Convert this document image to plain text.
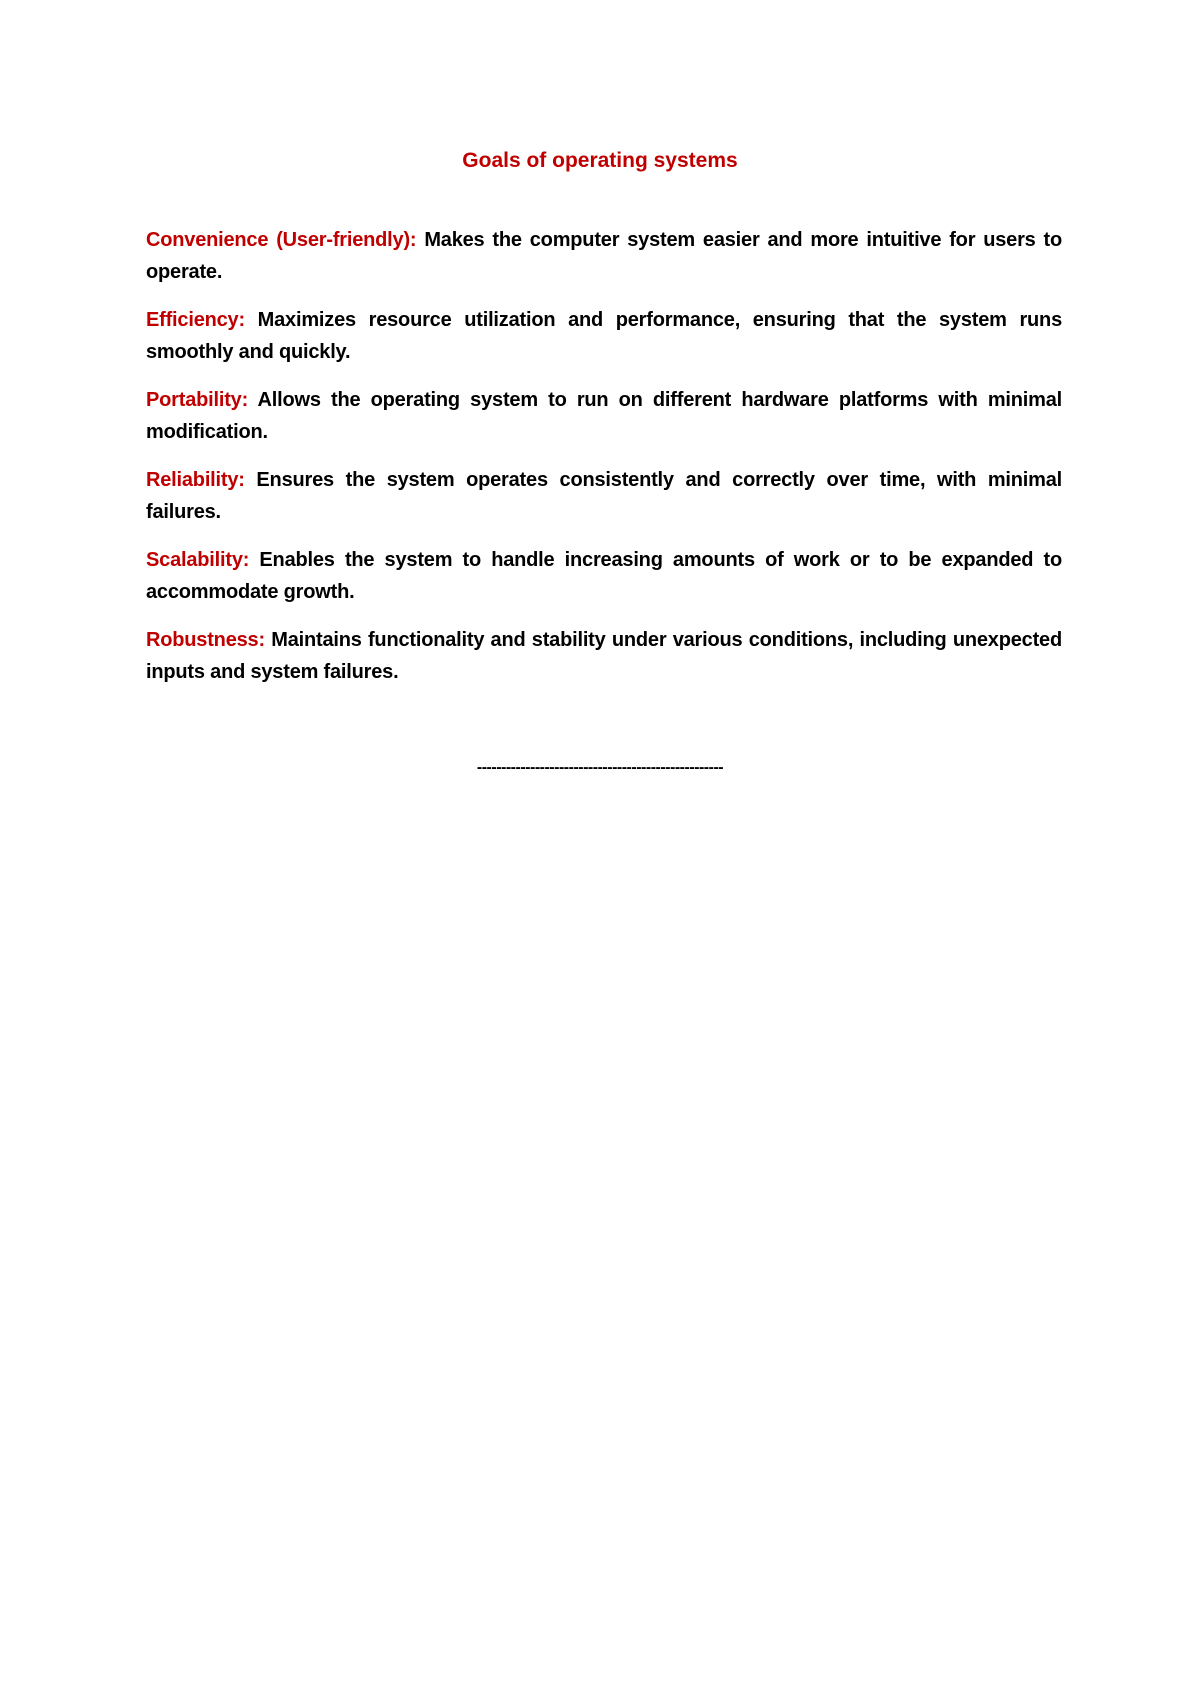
Goals of operating systems

Convenience (User-friendly): Makes the computer system easier and more intuitive for users to operate.

Efficiency: Maximizes resource utilization and performance, ensuring that the system runs smoothly and quickly.

Portability: Allows the operating system to run on different hardware platforms with minimal modification.

Reliability: Ensures the system operates consistently and correctly over time, with minimal failures.

Scalability: Enables the system to handle increasing amounts of work or to be expanded to accommodate growth.

Robustness: Maintains functionality and stability under various conditions, including unexpected inputs and system failures.

---------------------------------------------------
